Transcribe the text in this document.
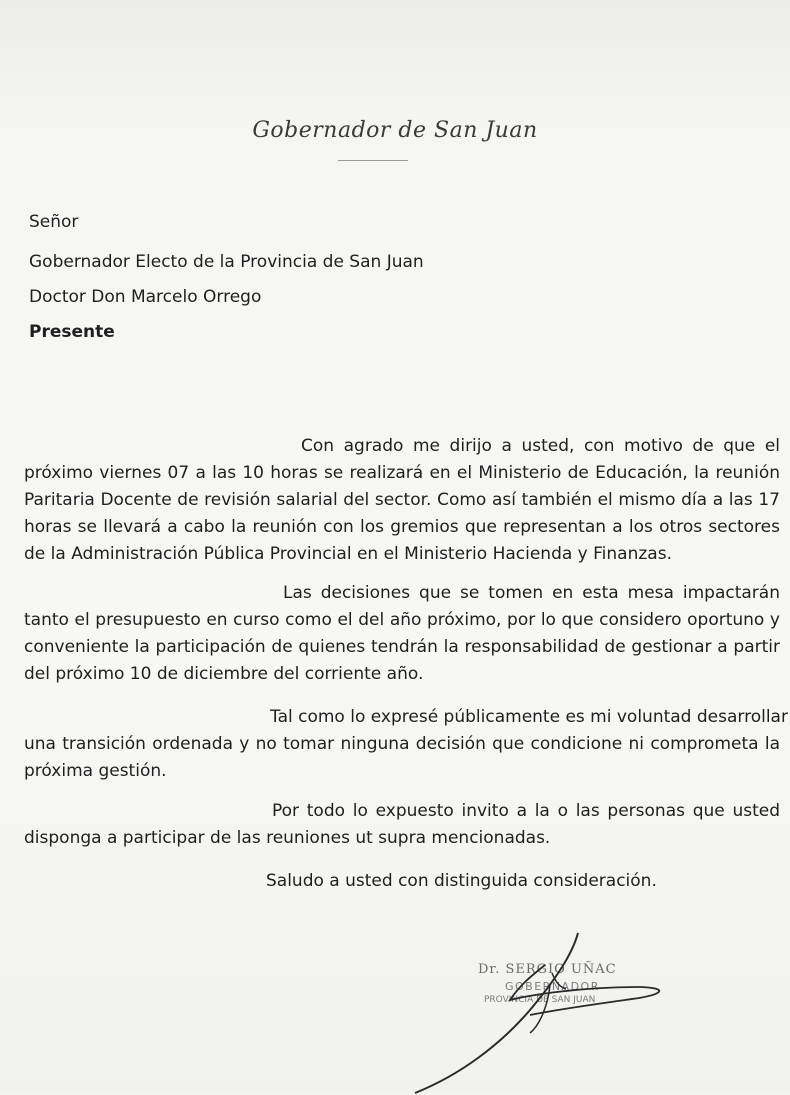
Gobernador de San Juan
Señor
Gobernador Electo de la Provincia de San Juan
Doctor Don Marcelo Orrego
Presente
Con agrado me dirijo a usted, con motivo de que el
próximo viernes 07 a las 10 horas se realizará en el Ministerio de Educación, la reunión
Paritaria Docente de revisión salarial del sector. Como así también el mismo día a las 17
horas se llevará a cabo la reunión con los gremios que representan a los otros sectores
de la Administración Pública Provincial en el Ministerio Hacienda y Finanzas.
Las decisiones que se tomen en esta mesa impactarán
tanto el presupuesto en curso como el del año próximo, por lo que considero oportuno y
conveniente la participación de quienes tendrán la responsabilidad de gestionar a partir
del próximo 10 de diciembre del corriente año.
Tal como lo expresé públicamente es mi voluntad desarrollar
una transición ordenada y no tomar ninguna decisión que condicione ni comprometa la
próxima gestión.
Por todo lo expuesto invito a la o las personas que usted
disponga a participar de las reuniones ut supra mencionadas.
Saludo a usted con distinguida consideración.
Dr. SERGIO UÑAC
GOBERNADOR
PROVINCIA DE SAN JUAN
